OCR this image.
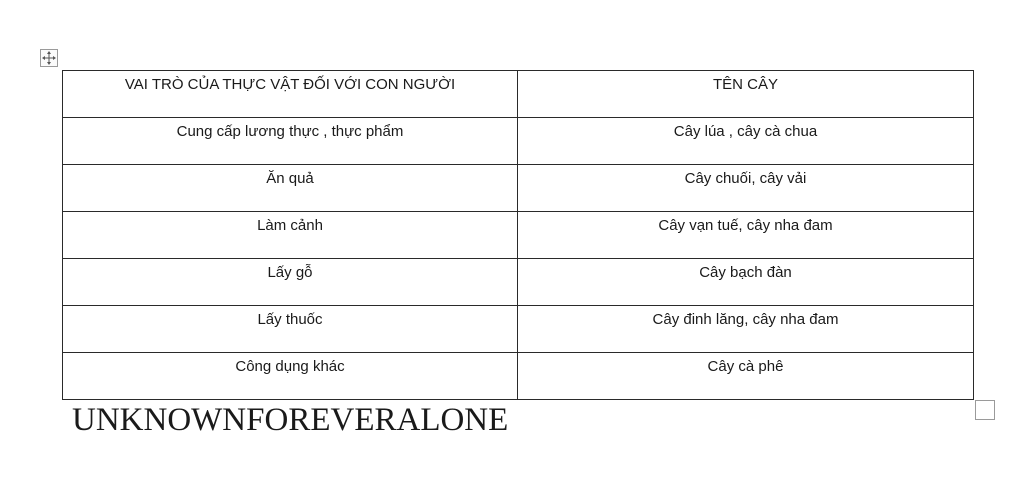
VAI TRÒ CỦA THỰC VẬT ĐỐI VỚI CON NGƯỜI	TÊN CÂY
Cung cấp lương thực , thực phẩm	Cây lúa , cây cà chua
Ăn quả	Cây chuối, cây vải
Làm cảnh	Cây vạn tuế, cây nha đam
Lấy gỗ	Cây bạch đàn
Lấy thuốc	Cây đinh lăng, cây nha đam
Công dụng khác	Cây cà phê
UNKNOWNFOREVERALONE
